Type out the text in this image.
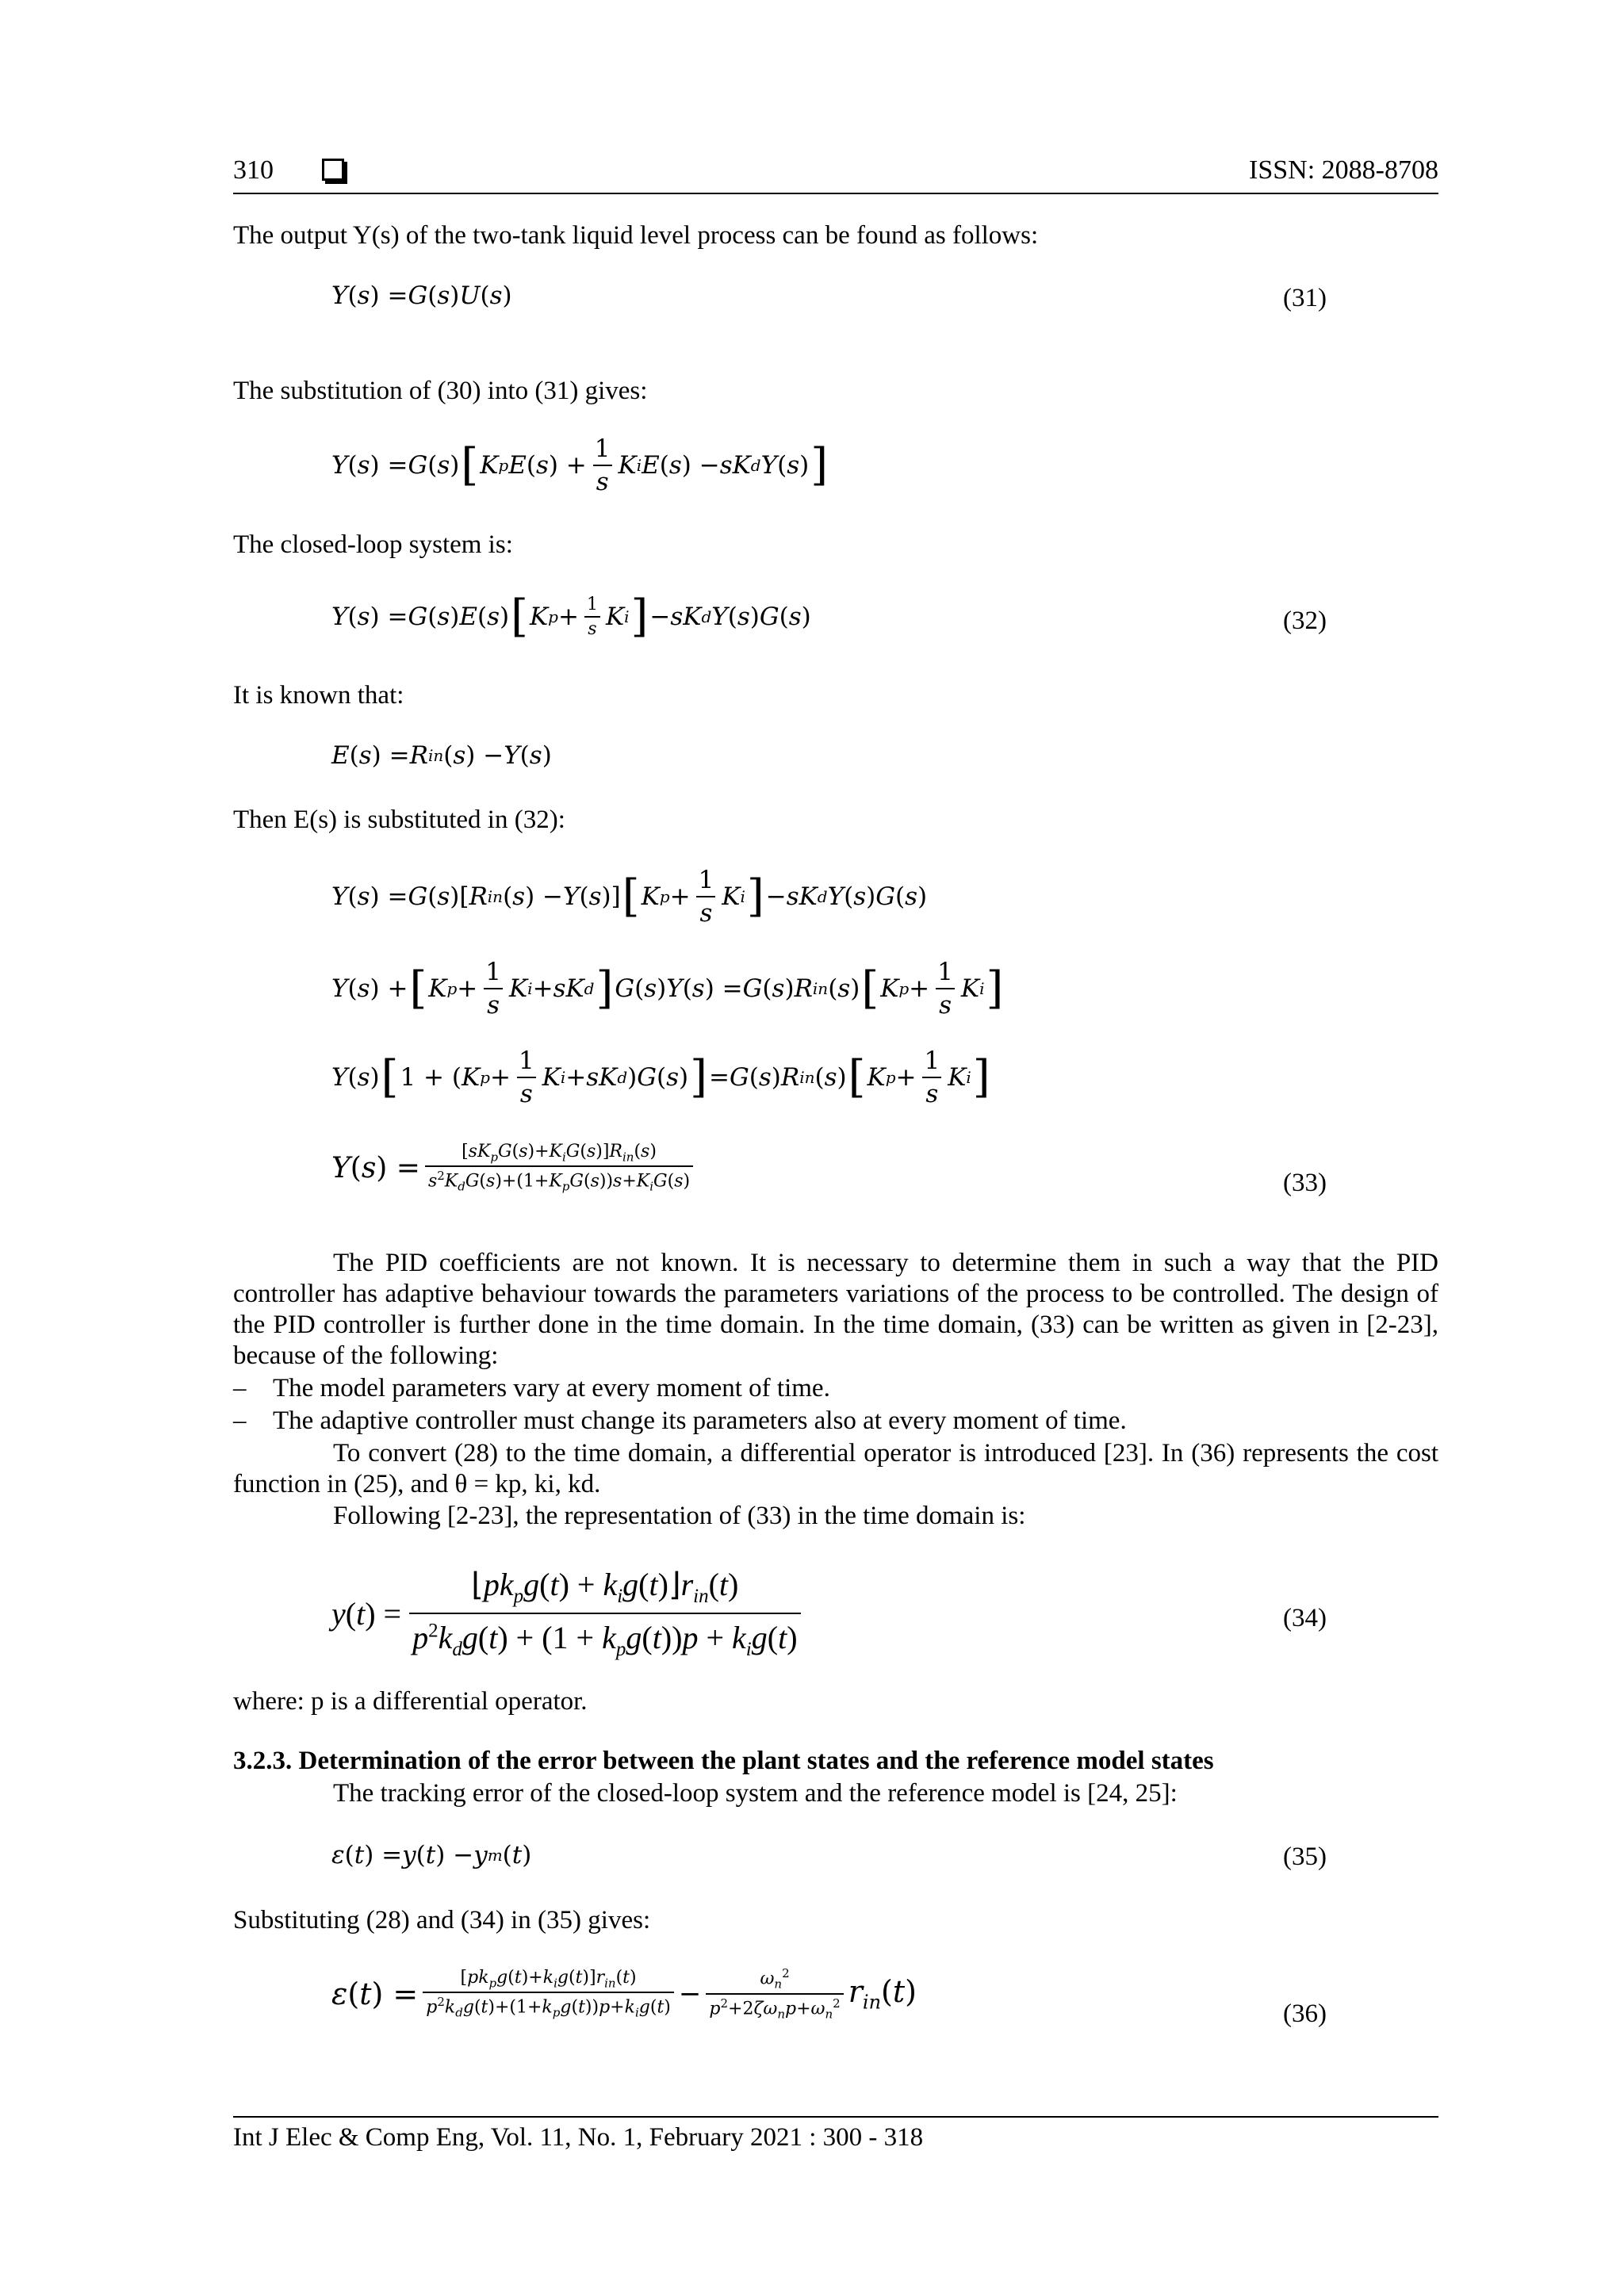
310	ISSN: 2088-8708
The output Y(s) of the two-tank liquid level process can be found as follows:
Y ( s ) = G ( s ) U ( s )	(31)
The substitution of (30) into (31) gives:
Y ( s ) = G ( s ) [ K p E ( s ) + $\frac{1}{s}$ K i E ( s ) − sK d Y ( s ) ]
The closed-loop system is:
Y ( s ) = G ( s ) E ( s ) [ K $p + \frac{1}{s}$ K i ] − sK d Y ( s ) G ( s )	(32)
It is known that:
E ( s ) = R in ( s ) − Y ( s )
Then E(s) is substituted in (32):
Y ( s ) = G ( s )[ R in ( s ) − Y ( s )] [ K $p + \frac{1}{s}$ K i ] − sK d Y ( s ) G ( s )
Y ( s ) + [ K $p + \frac{1}{s}$ K i + sK d ] G ( s ) Y ( s ) = G ( s ) R in ( s ) [ K $p + \frac{1}{s}$ K i ]
Y ( s ) [ 1 + ( K $p + \frac{1}{s}$ K i + sK d ) G ( s ) ] = G ( s ) R in ( s ) [ K $p + \frac{1}{s}$ K i ]
$Y(s) = \frac{[sK_pG(s)+K_iG(s)]R_{in}(s)}{s^2K_dG(s)+(1+K_pG(s))s+K_iG(s)}$	(33)
The PID coefficients are not known. It is necessary to determine them in such a way that the PID controller has adaptive behaviour towards the parameters variations of the process to be controlled. The design of the PID controller is further done in the time domain. In the time domain, (33) can be written as given in [2-23], because of the following:
– The model parameters vary at every moment of time.
– The adaptive controller must change its parameters also at every moment of time.
To convert (28) to the time domain, a differential operator is introduced [23]. In (36) represents the cost function in (25), and θ = kp, ki, kd.
Following [2-23], the representation of (33) in the time domain is:
y ( t ) = $\frac{⌊pk_pg(t) + k_ig(t)⌋r_{in}(t)}{p^2k_dg(t) + (1 + k_pg(t))p + k_ig(t)}$	(34)
where: p is a differential operator.
3.2.3. Determination of the error between the plant states and the reference model states
The tracking error of the closed-loop system and the reference model is [24, 25]:
ε ( t ) = y ( t ) − y m ( t )	(35)
Substituting (28) and (34) in (35) gives:
$\varepsilon(t) = \frac{[pk_pg(t)+k_ig(t)]r_{in}(t)}{p^2k_dg(t)+(1+k_pg(t))p+k_ig(t)} - \frac{\omega_n^2}{p^2+2\zeta\omega_np+\omega_n^2} r_{in}(t)$
(36)
Int J Elec & Comp Eng, Vol. 11, No. 1, February 2021 : 300 - 318
